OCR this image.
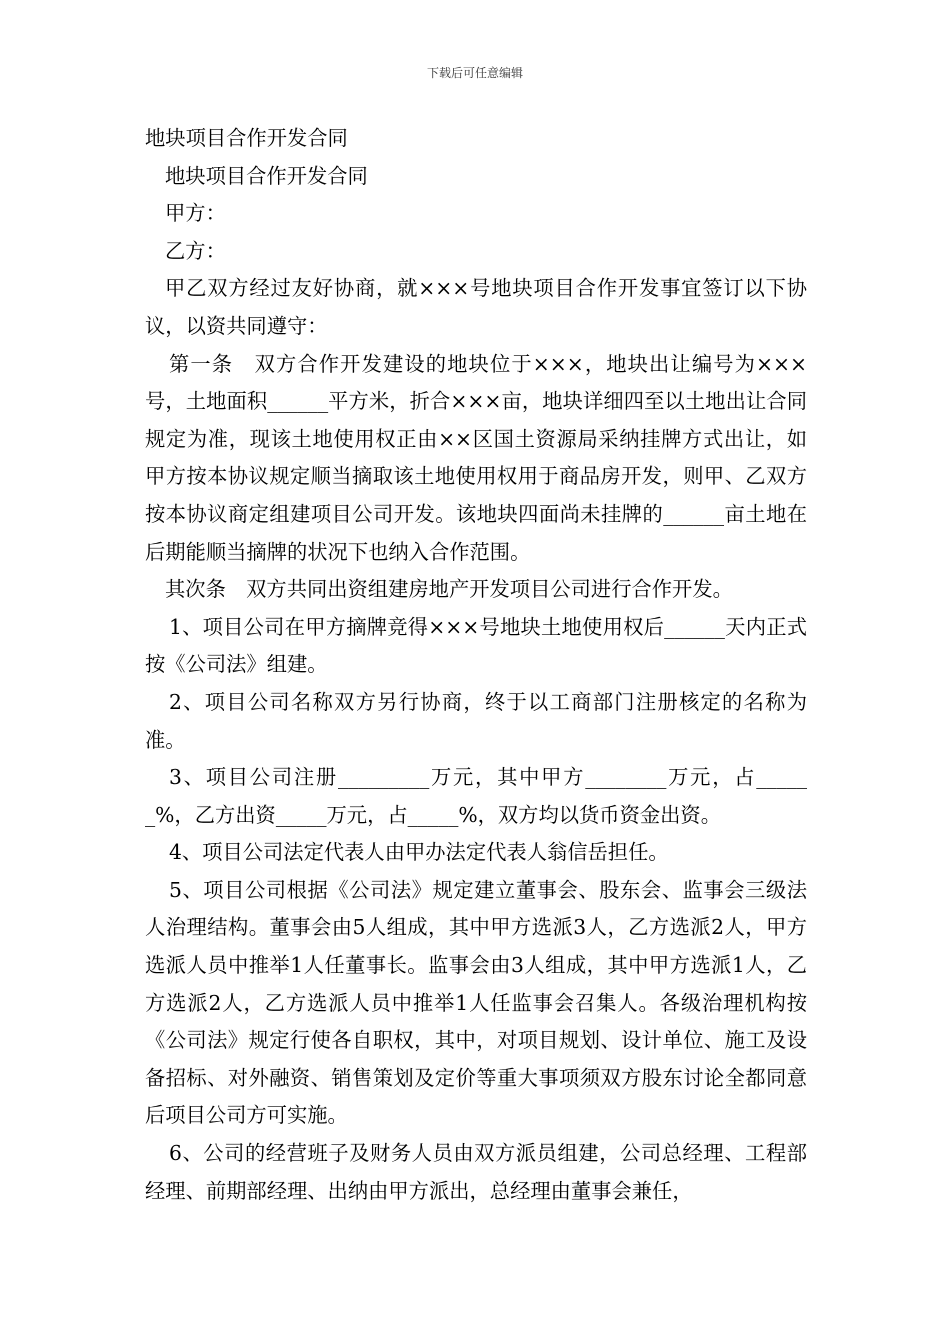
下载后可任意编辑

地块项目合作开发合同

地块项目合作开发合同

甲方：

乙方：

甲乙双方经过友好协商，就×××号地块项目合作开发事宜签订以下协议，以资共同遵守：

第一条　双方合作开发建设的地块位于×××，地块出让编号为×××号，土地面积______平方米，折合×××亩，地块详细四至以土地出让合同规定为准，现该土地使用权正由××区国土资源局采纳挂牌方式出让，如甲方按本协议规定顺当摘取该土地使用权用于商品房开发，则甲、乙双方按本协议商定组建项目公司开发。该地块四面尚未挂牌的______亩土地在后期能顺当摘牌的状况下也纳入合作范围。

其次条　双方共同出资组建房地产开发项目公司进行合作开发。

1、项目公司在甲方摘牌竞得×××号地块土地使用权后______天内正式按《公司法》组建。

2、项目公司名称双方另行协商，终于以工商部门注册核定的名称为准。

3、项目公司注册_________万元，其中甲方________万元，占______%，乙方出资_____万元，占_____%，双方均以货币资金出资。

4、项目公司法定代表人由甲办法定代表人翁信岳担任。

5、项目公司根据《公司法》规定建立董事会、股东会、监事会三级法人治理结构。董事会由5人组成，其中甲方选派3人，乙方选派2人，甲方选派人员中推举1人任董事长。监事会由3人组成，其中甲方选派1人，乙方选派2人，乙方选派人员中推举1人任监事会召集人。各级治理机构按《公司法》规定行使各自职权，其中，对项目规划、设计单位、施工及设备招标、对外融资、销售策划及定价等重大事项须双方股东讨论全都同意后项目公司方可实施。

6、公司的经营班子及财务人员由双方派员组建，公司总经理、工程部经理、前期部经理、出纳由甲方派出，总经理由董事会兼任，
